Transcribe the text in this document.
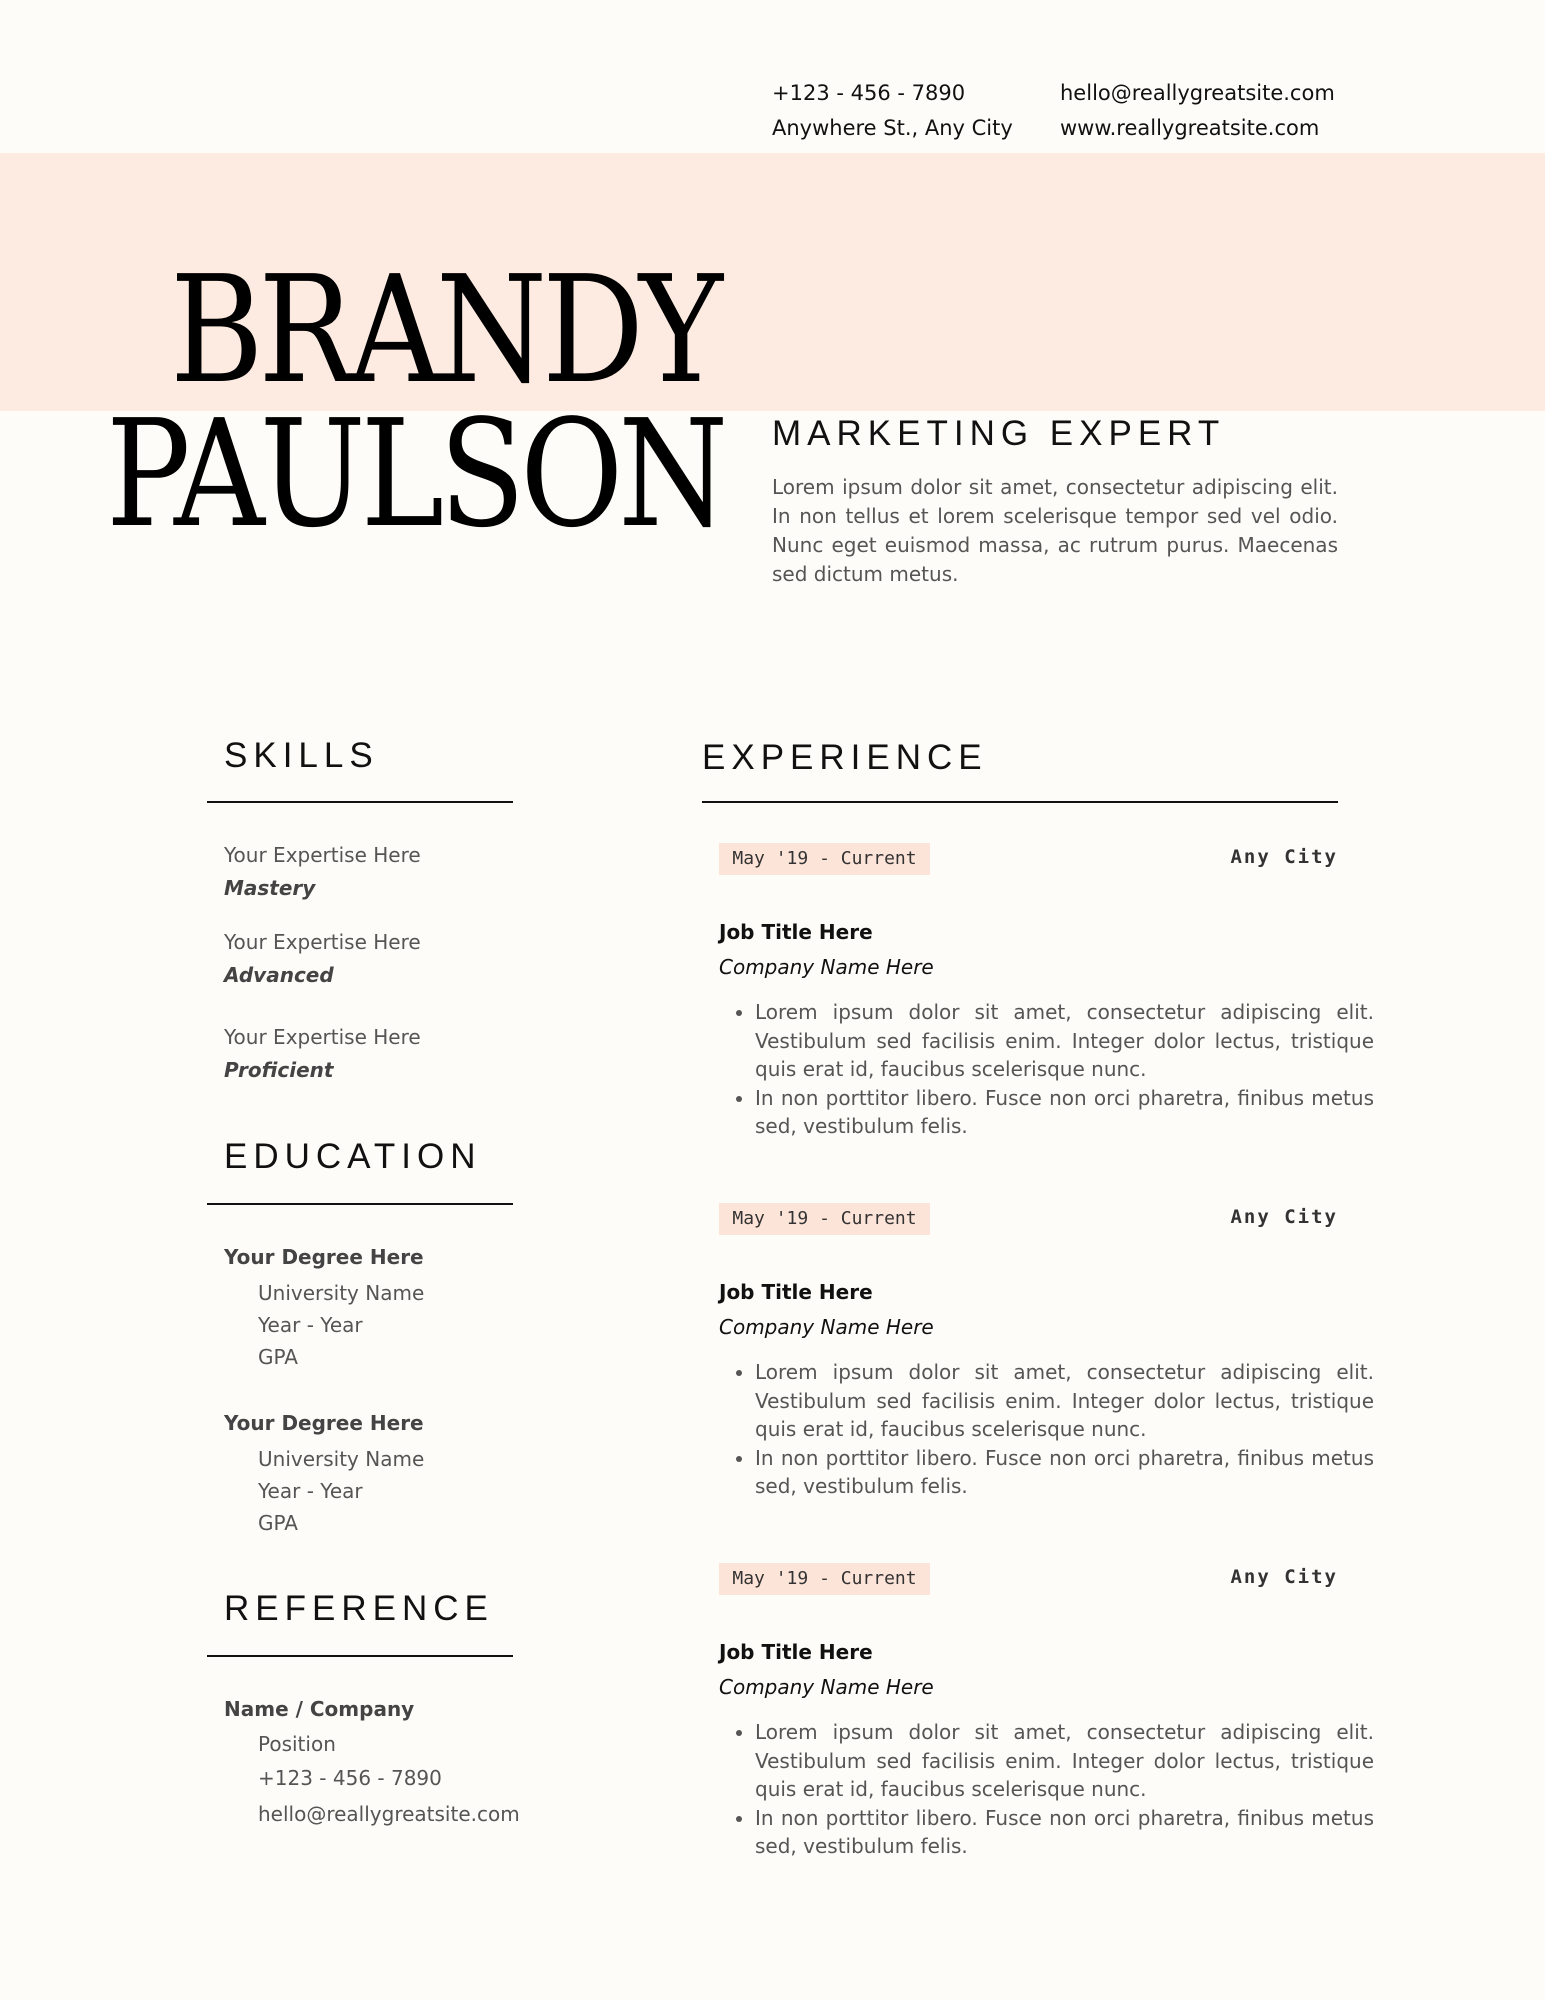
+123 - 456 - 7890
Anywhere St., Any City
hello@reallygreatsite.com
www.reallygreatsite.com
BRANDY
PAULSON MARKETING EXPERT
Lorem ipsum dolor sit amet, consectetur adipiscing elit. In non tellus et lorem scelerisque tempor sed vel odio. Nunc eget euismod massa, ac rutrum purus. Maecenas sed dictum metus.
SKILLS
Your Expertise Here
Mastery
Your Expertise Here
Advanced
Your Expertise Here
Proficient
EDUCATION
Your Degree Here
University Name
Year - Year
GPA
Your Degree Here
University Name
Year - Year
GPA
REFERENCE
Name / Company
Position
+123 - 456 - 7890
hello@reallygreatsite.com
EXPERIENCE
May '19 - Current	Any City
Job Title Here
Company Name Here
• Lorem ipsum dolor sit amet, consectetur adipiscing elit. Vestibulum sed facilisis enim. Integer dolor lectus, tristique quis erat id, faucibus scelerisque nunc.
• In non porttitor libero. Fusce non orci pharetra, finibus metus sed, vestibulum felis.
May '19 - Current	Any City
Job Title Here
Company Name Here
• Lorem ipsum dolor sit amet, consectetur adipiscing elit. Vestibulum sed facilisis enim. Integer dolor lectus, tristique quis erat id, faucibus scelerisque nunc.
• In non porttitor libero. Fusce non orci pharetra, finibus metus sed, vestibulum felis.
May '19 - Current	Any City
Job Title Here
Company Name Here
• Lorem ipsum dolor sit amet, consectetur adipiscing elit. Vestibulum sed facilisis enim. Integer dolor lectus, tristique quis erat id, faucibus scelerisque nunc.
• In non porttitor libero. Fusce non orci pharetra, finibus metus sed, vestibulum felis.
